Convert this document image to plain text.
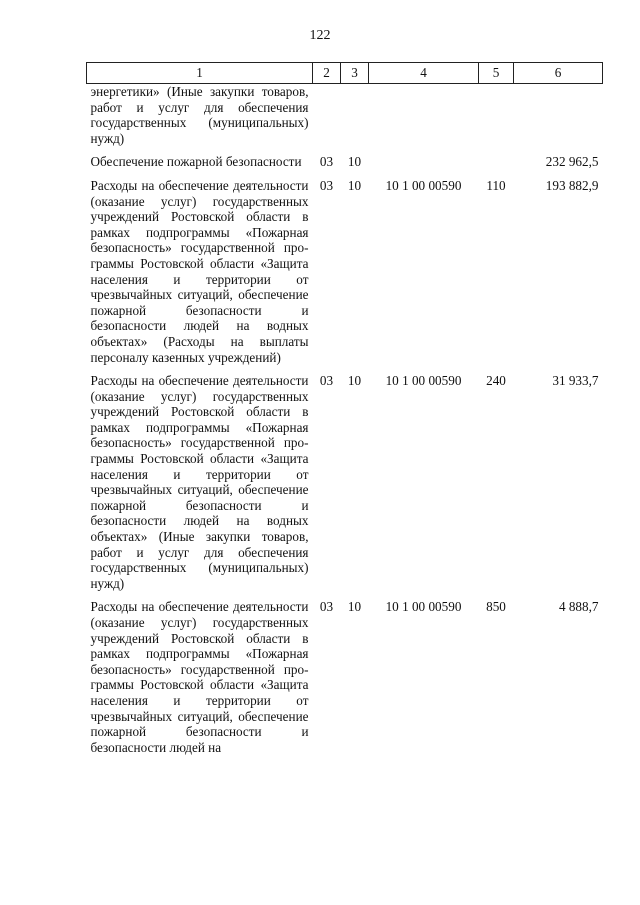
122
1	2	3	4	5	6
энергетики» (Иные закупки товаров, работ и услуг для обеспечения государственных (муниципальных) нужд)					

Обеспечение пожарной безопасности	03	10			232 962,5

Расходы на обеспечение деятельности (оказание услуг) государственных учреждений Ростовской области в рамках подпрограммы «Пожарная безопасность» государственной программы Ростовской области «Защита населения и территории от чрезвычайных ситуаций, обеспечение пожарной безопасности и безопасности людей на водных объектах» (Расходы на выплаты персоналу казенных учреждений)	03	10	10 1 00 00590	110	193 882,9

Расходы на обеспечение деятельности (оказание услуг) государственных учреждений Ростовской области в рамках подпрограммы «Пожарная безопасность» государственной программы Ростовской области «Защита населения и территории от чрезвычайных ситуаций, обеспечение пожарной безопасности и безопасности людей на водных объектах» (Иные закупки товаров, работ и услуг для обеспечения государственных (муниципальных) нужд)	03	10	10 1 00 00590	240	31 933,7

Расходы на обеспечение деятельности (оказание услуг) государственных учреждений Ростовской области в рамках подпрограммы «Пожарная безопасность» государственной программы Ростовской области «Защита населения и территории от чрезвычайных ситуаций, обеспечение пожарной безопасности и безопасности людей на	03	10	10 1 00 00590	850	4 888,7
